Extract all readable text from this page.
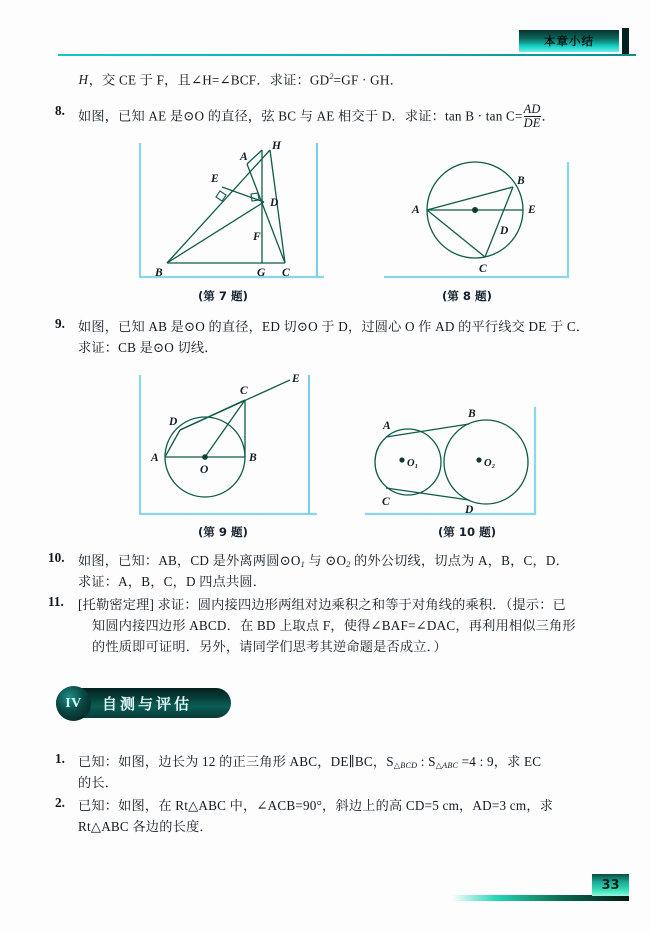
本章小结
H，交 CE 于 F，且∠H=∠BCF．求证：$GD^2=GF$ · GH．
8. 如图，已知 AE 是⊙O 的直径，弦 BC 与 AE 相交于 D．求证：$\tan B \cdot \tan C=\frac{AD}{DE}$ ．
H
A
E
D
F
B	G C
(第 7 题)
B
A	E
D
C
(第 8 题)
9. 如图，已知 AB 是⊙O 的直径，ED 切⊙O 于 D，过圆心 O 作 AD 的平行线交 DE 于 C．
求证：CB 是⊙O 切线．
E
C
D
A
O
B
(第 9 题)
A
B
O₁	O₂
C
D
(第 10 题)
10. 如图，已知：AB，CD 是外离两圆$⊙O_1$ 与 $⊙O_2$ 的外公切线，切点为 A，B，C，D．
求证：A，B，C，D 四点共圆．
11. [托勒密定理] 求证：圆内接四边形两组对边乘积之和等于对角线的乘积．（提示：已
知圆内接四边形 ABCD．在 BD 上取点 F，使得∠BAF=∠DAC，再利用相似三角形
的性质即可证明．另外，请同学们思考其逆命题是否成立．）
IV 自测与评估
1. 已知：如图，边长为 12 的正三角形 ABC，DE∥BC，$S_{\triangle BCD}$ : $S_{\triangle ABC} =4$ : 9，求 EC
的长．
2. 已知：如图，在 Rt△ABC 中，∠ACB=90°，斜边上的高 CD=5 cm，AD=3 cm，求
Rt△ABC 各边的长度．
33
